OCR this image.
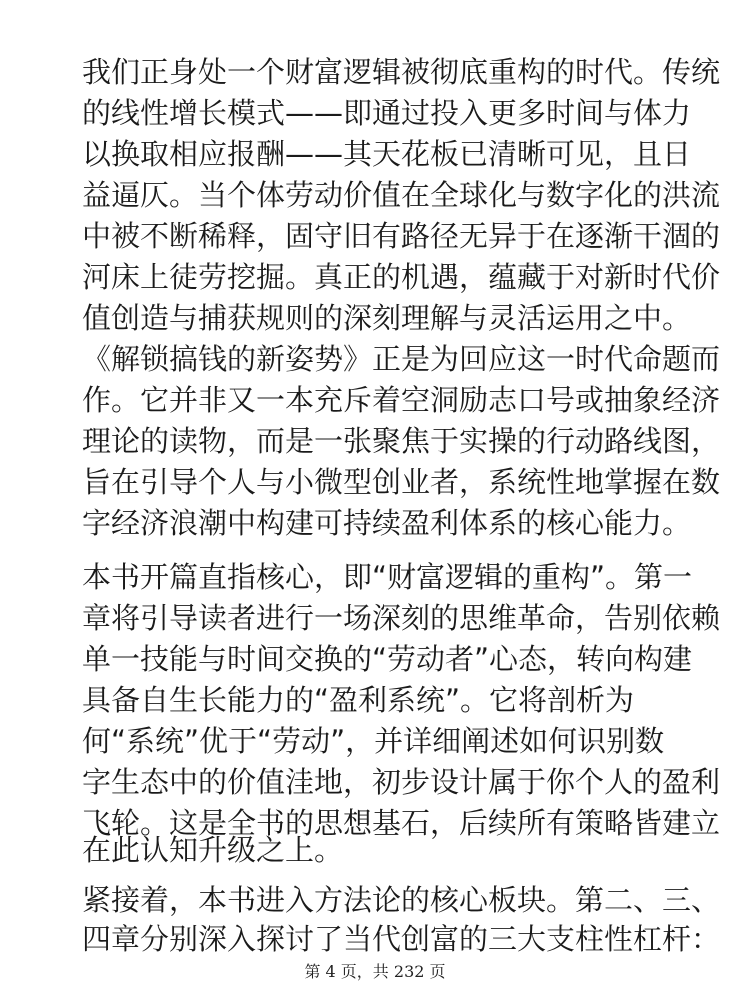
我们正身处一个财富逻辑被彻底重构的时代。传统
的线性增长模式——即通过投入更多时间与体力
以换取相应报酬——其天花板已清晰可见，且日
益逼仄。当个体劳动价值在全球化与数字化的洪流
中被不断稀释，固守旧有路径无异于在逐渐干涸的
河床上徒劳挖掘。真正的机遇，蕴藏于对新时代价
值创造与捕获规则的深刻理解与灵活运用之中。
《解锁搞钱的新姿势》正是为回应这一时代命题而
作。它并非又一本充斥着空洞励志口号或抽象经济
理论的读物，而是一张聚焦于实操的行动路线图，
旨在引导个人与小微型创业者，系统性地掌握在数
字经济浪潮中构建可持续盈利体系的核心能力。
本书开篇直指核心，即“财富逻辑的重构”。第一
章将引导读者进行一场深刻的思维革命，告别依赖
单一技能与时间交换的“劳动者”心态，转向构建
具备自生长能力的“盈利系统”。它将剖析为
何“系统”优于“劳动”，并详细阐述如何识别数
字生态中的价值洼地，初步设计属于你个人的盈利
飞轮。这是全书的思想基石，后续所有策略皆建立
在此认知升级之上。
紧接着，本书进入方法论的核心板块。第二、三、
四章分别深入探讨了当代创富的三大支柱性杠杆：
第 4 页，共 232 页
